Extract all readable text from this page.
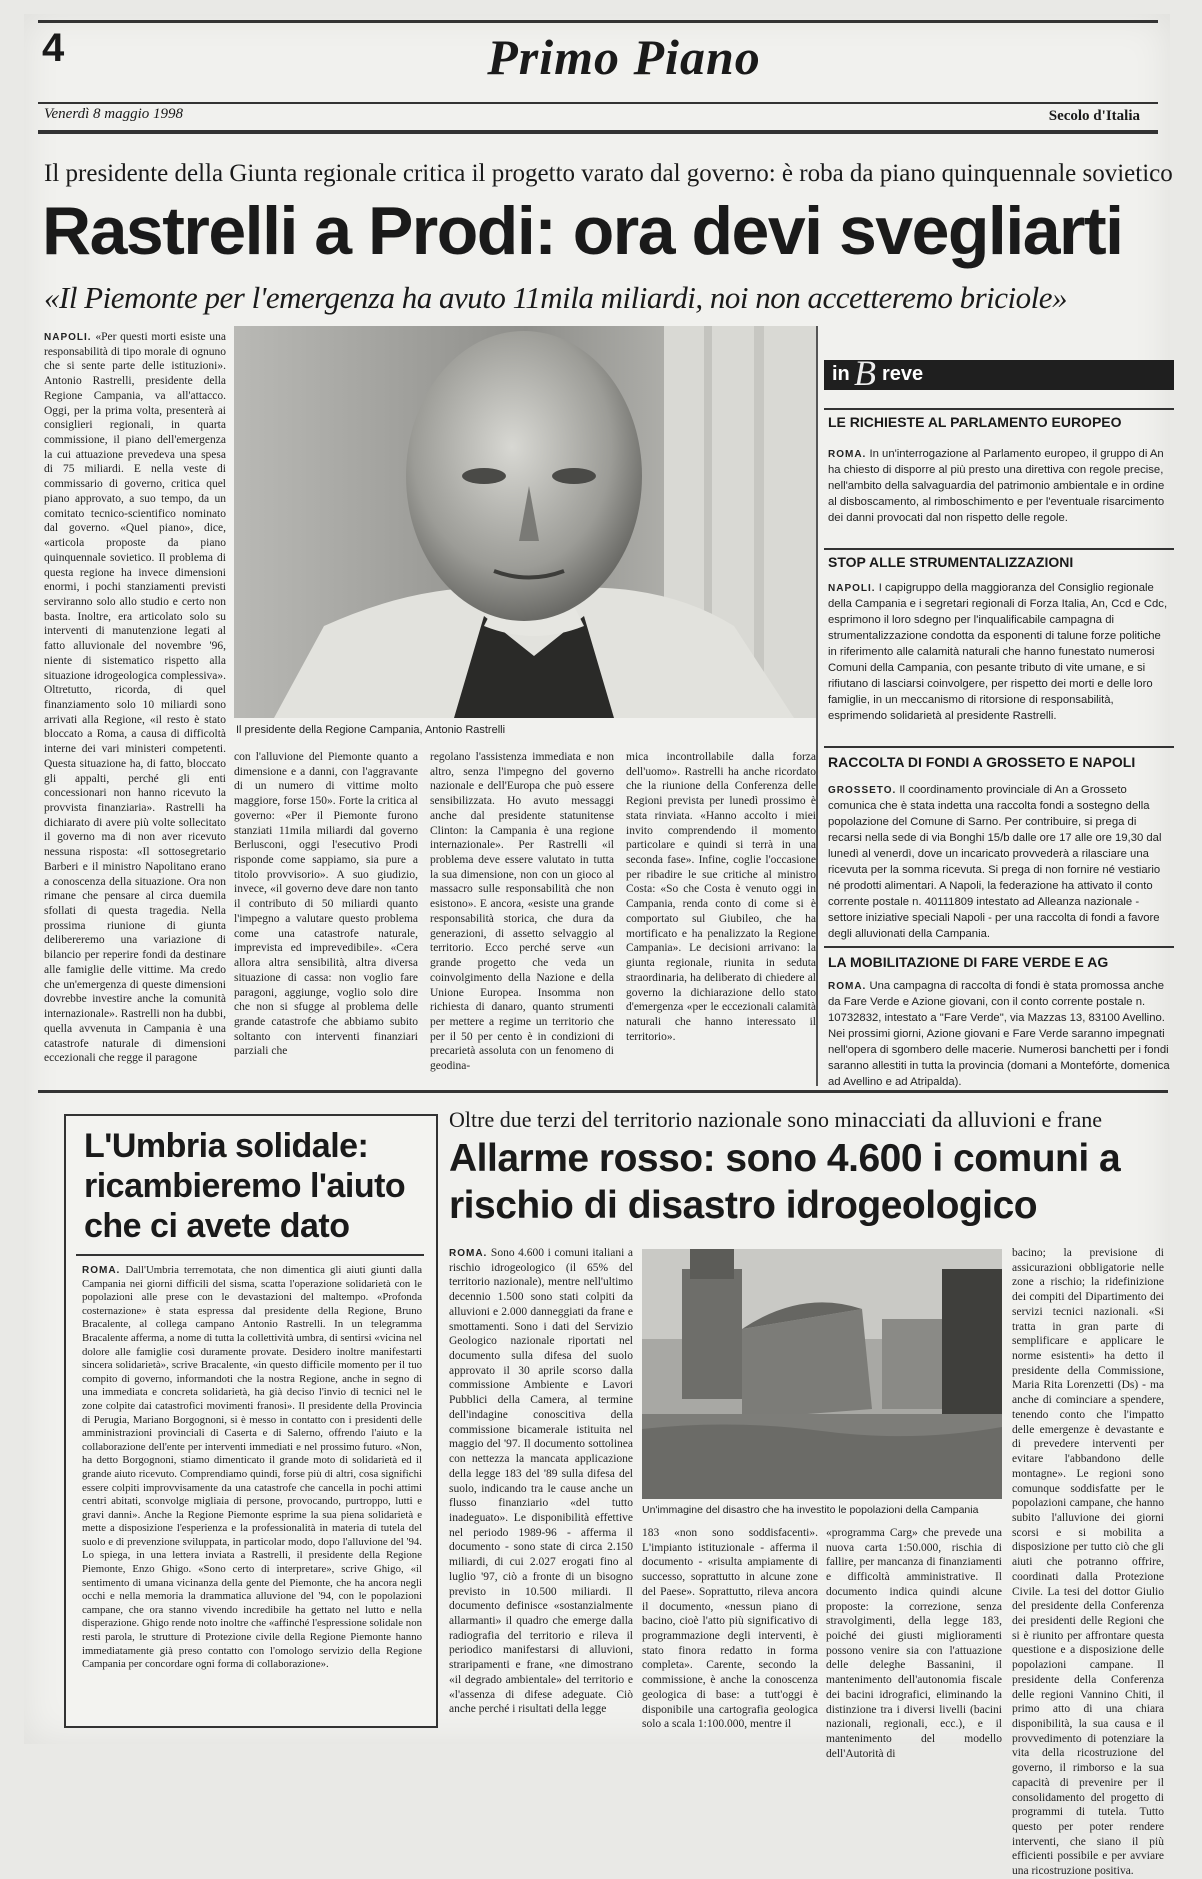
4	Primo Piano
Venerdì 8 maggio 1998	Secolo d'Italia
Il presidente della Giunta regionale critica il progetto varato dal governo: è roba da piano quinquennale sovietico
Rastrelli a Prodi: ora devi svegliarti
«Il Piemonte per l'emergenza ha avuto 11mila miliardi, noi non accetteremo briciole»
NAPOLI. «Per questi morti esiste una responsabilità di tipo morale di ognuno che si sente parte delle istituzioni». Antonio Rastrelli, presidente della Regione Campania, va all'attacco. Oggi, per la prima volta, presenterà ai consiglieri regionali, in quarta commissione, il piano dell'emergenza la cui attuazione prevedeva una spesa di 75 miliardi. E nella veste di commissario di governo, critica quel piano approvato, a suo tempo, da un comitato tecnico-scientifico nominato dal governo. «Quel piano», dice, «articola proposte da piano quinquennale sovietico. Il problema di questa regione ha invece dimensioni enormi, i pochi stanziamenti previsti serviranno solo allo studio e certo non basta. Inoltre, era articolato solo su interventi di manutenzione legati al fatto alluvionale del novembre '96, niente di sistematico rispetto alla situazione idrogeologica complessiva». Oltretutto, ricorda, di quel finanziamento solo 10 miliardi sono arrivati alla Regione, «il resto è stato bloccato a Roma, a causa di difficoltà interne dei vari ministeri competenti. Questa situazione ha, di fatto, bloccato gli appalti, perché gli enti concessionari non hanno ricevuto la provvista finanziaria». Rastrelli ha dichiarato di avere più volte sollecitato il governo ma di non aver ricevuto nessuna risposta: «Il sottosegretario Barberi e il ministro Napolitano erano a conoscenza della situazione. Ora non rimane che pensare al circa duemila sfollati di questa tragedia. Nella prossima riunione di giunta delibereremo una variazione di bilancio per reperire fondi da destinare alle famiglie delle vittime. Ma credo che un'emergenza di queste dimensioni dovrebbe investire anche la comunità internazionale». Rastrelli non ha dubbi, quella avvenuta in Campania è una catastrofe naturale di dimensioni eccezionali che regge il paragone
Il presidente della Regione Campania, Antonio Rastrelli
con l'alluvione del Piemonte quanto a dimensione e a danni, con l'aggravante di un numero di vittime molto maggiore, forse 150». Forte la critica al governo: «Per il Piemonte furono stanziati 11mila miliardi dal governo Berlusconi, oggi l'esecutivo Prodi risponde come sappiamo, sia pure a titolo provvisorio». A suo giudizio, invece, «il governo deve dare non tanto il contributo di 50 miliardi quanto l'impegno a valutare questo problema come una catastrofe naturale, imprevista ed imprevedibile». «Cera allora altra sensibilità, altra diversa situazione di cassa: non voglio fare paragoni, aggiunge, voglio solo dire che non si sfugge al problema delle grande catastrofe che abbiamo subito soltanto con interventi finanziari parziali che
regolano l'assistenza immediata e non altro, senza l'impegno del governo nazionale e dell'Europa che può essere sensibilizzata. Ho avuto messaggi anche dal presidente statunitense Clinton: la Campania è una regione internazionale». Per Rastrelli «il problema deve essere valutato in tutta la sua dimensione, non con un gioco al massacro sulle responsabilità che non esistono». E ancora, «esiste una grande responsabilità storica, che dura da generazioni, di assetto selvaggio al territorio. Ecco perché serve «un grande progetto che veda un coinvolgimento della Nazione e della Unione Europea. Insomma non richiesta di danaro, quanto strumenti per mettere a regime un territorio che per il 50 per cento è in condizioni di precarietà assoluta con un fenomeno di geodina-
mica incontrollabile dalla forza dell'uomo». Rastrelli ha anche ricordato che la riunione della Conferenza delle Regioni prevista per lunedì prossimo è stata rinviata. «Hanno accolto i miei invito comprendendo il momento particolare e quindi si terrà in una seconda fase». Infine, coglie l'occasione per ribadire le sue critiche al ministro Costa: «So che Costa è venuto oggi in Campania, renda conto di come si è comportato sul Giubileo, che ha mortificato e ha penalizzato la Regione Campania». Le decisioni arrivano: la giunta regionale, riunita in seduta straordinaria, ha deliberato di chiedere al governo la dichiarazione dello stato d'emergenza «per le eccezionali calamità naturali che hanno interessato il territorio».
in B reve
LE RICHIESTE AL PARLAMENTO EUROPEO
ROMA. In un'interrogazione al Parlamento europeo, il gruppo di An ha chiesto di disporre al più presto una direttiva con regole precise, nell'ambito della salvaguardia del patrimonio ambientale e in ordine al disboscamento, al rimboschimento e per l'eventuale risarcimento dei danni provocati dal non rispetto delle regole.
STOP ALLE STRUMENTALIZZAZIONI
NAPOLI. I capigruppo della maggioranza del Consiglio regionale della Campania e i segretari regionali di Forza Italia, An, Ccd e Cdc, esprimono il loro sdegno per l'inqualificabile campagna di strumentalizzazione condotta da esponenti di talune forze politiche in riferimento alle calamità naturali che hanno funestato numerosi Comuni della Campania, con pesante tributo di vite umane, e si rifiutano di lasciarsi coinvolgere, per rispetto dei morti e delle loro famiglie, in un meccanismo di ritorsione di responsabilità, esprimendo solidarietà al presidente Rastrelli.
RACCOLTA DI FONDI A GROSSETO E NAPOLI
GROSSETO. Il coordinamento provinciale di An a Grosseto comunica che è stata indetta una raccolta fondi a sostegno della popolazione del Comune di Sarno. Per contribuire, si prega di recarsi nella sede di via Bonghi 15/b dalle ore 17 alle ore 19,30 dal lunedì al venerdì, dove un incaricato provvederà a rilasciare una ricevuta per la somma ricevuta. Si prega di non fornire né vestiario né prodotti alimentari. A Napoli, la federazione ha attivato il conto corrente postale n. 40111809 intestato ad Alleanza nazionale - settore iniziative speciali Napoli - per una raccolta di fondi a favore degli alluvionati della Campania.
LA MOBILITAZIONE DI FARE VERDE E AG
ROMA. Una campagna di raccolta di fondi è stata promossa anche da Fare Verde e Azione giovani, con il conto corrente postale n. 10732832, intestato a "Fare Verde", via Mazzas 13, 83100 Avellino. Nei prossimi giorni, Azione giovani e Fare Verde saranno impegnati nell'opera di sgombero delle macerie. Numerosi banchetti per i fondi saranno allestiti in tutta la provincia (domani a Montefórte, domenica ad Avellino e ad Atripalda).
L'Umbria solidale: ricambieremo l'aiuto che ci avete dato
ROMA. Dall'Umbria terremotata, che non dimentica gli aiuti giunti dalla Campania nei giorni difficili del sisma, scatta l'operazione solidarietà con le popolazioni alle prese con le devastazioni del maltempo. «Profonda costernazione» è stata espressa dal presidente della Regione, Bruno Bracalente, al collega campano Antonio Rastrelli. In un telegramma Bracalente afferma, a nome di tutta la collettività umbra, di sentirsi «vicina nel dolore alle famiglie così duramente provate. Desidero inoltre manifestarti sincera solidarietà», scrive Bracalente, «in questo difficile momento per il tuo compito di governo, informandoti che la nostra Regione, anche in segno di una immediata e concreta solidarietà, ha già deciso l'invio di tecnici nel le zone colpite dai catastrofici movimenti franosi». Il presidente della Provincia di Perugia, Mariano Borgognoni, si è messo in contatto con i presidenti delle amministrazioni provinciali di Caserta e di Salerno, offrendo l'aiuto e la collaborazione dell'ente per interventi immediati e nel prossimo futuro. «Non, ha detto Borgognoni, stiamo dimenticato il grande moto di solidarietà ed il grande aiuto ricevuto. Comprendiamo quindi, forse più di altri, cosa significhi essere colpiti improvvisamente da una catastrofe che cancella in pochi attimi centri abitati, sconvolge migliaia di persone, provocando, purtroppo, lutti e gravi danni». Anche la Regione Piemonte esprime la sua piena solidarietà e mette a disposizione l'esperienza e la professionalità in materia di tutela del suolo e di prevenzione sviluppata, in particolar modo, dopo l'alluvione del '94. Lo spiega, in una lettera inviata a Rastrelli, il presidente della Regione Piemonte, Enzo Ghigo. «Sono certo di interpretare», scrive Ghigo, «il sentimento di umana vicinanza della gente del Piemonte, che ha ancora negli occhi e nella memoria la drammatica alluvione del '94, con le popolazioni campane, che ora stanno vivendo incredibile ha gettato nel lutto e nella disperazione. Ghigo rende noto inoltre che «affinché l'espressione solidale non resti parola, le strutture di Protezione civile della Regione Piemonte hanno immediatamente già preso contatto con l'omologo servizio della Regione Campania per concordare ogni forma di collaborazione».
Oltre due terzi del territorio nazionale sono minacciati da alluvioni e frane
Allarme rosso: sono 4.600 i comuni a rischio di disastro idrogeologico
ROMA. Sono 4.600 i comuni italiani a rischio idrogeologico (il 65% del territorio nazionale), mentre nell'ultimo decennio 1.500 sono stati colpiti da alluvioni e 2.000 danneggiati da frane e smottamenti. Sono i dati del Servizio Geologico nazionale riportati nel documento sulla difesa del suolo approvato il 30 aprile scorso dalla commissione Ambiente e Lavori Pubblici della Camera, al termine dell'indagine conoscitiva della commissione bicamerale istituita nel maggio del '97. Il documento sottolinea con nettezza la mancata applicazione della legge 183 del '89 sulla difesa del suolo, indicando tra le cause anche un flusso finanziario «del tutto inadeguato». Le disponibilità effettive nel periodo 1989-96 - afferma il documento - sono state di circa 2.150 miliardi, di cui 2.027 erogati fino al luglio '97, ciò a fronte di un bisogno previsto in 10.500 miliardi. Il documento definisce «sostanzialmente allarmanti» il quadro che emerge dalla radiografia del territorio e rileva il periodico manifestarsi di alluvioni, straripamenti e frane, «ne dimostrano «il degrado ambientale» del territorio e «l'assenza di difese adeguate. Ciò anche perché i risultati della legge
Un'immagine del disastro che ha investito le popolazioni della Campania
183 «non sono soddisfacenti». L'impianto istituzionale - afferma il documento - «risulta ampiamente di successo, soprattutto in alcune zone del Paese». Soprattutto, rileva ancora il documento, «nessun piano di bacino, cioè l'atto più significativo di programmazione degli interventi, è stato finora redatto in forma completa». Carente, secondo la commissione, è anche la conoscenza geologica di base: a tutt'oggi è disponibile una cartografia geologica solo a scala 1:100.000, mentre il
«programma Carg» che prevede una nuova carta 1:50.000, rischia di fallire, per mancanza di finanziamenti e difficoltà amministrative. Il documento indica quindi alcune proposte: la correzione, senza stravolgimenti, della legge 183, poiché dei giusti miglioramenti possono venire sia con l'attuazione delle deleghe Bassanini, il mantenimento dell'autonomia fiscale dei bacini idrografici, eliminando la distinzione tra i diversi livelli (bacini nazionali, regionali, ecc.), e il mantenimento del modello dell'Autorità di
bacino; la previsione di assicurazioni obbligatorie nelle zone a rischio; la ridefinizione dei compiti del Dipartimento dei servizi tecnici nazionali. «Si tratta in gran parte di semplificare e applicare le norme esistenti» ha detto il presidente della Commissione, Maria Rita Lorenzetti (Ds) - ma anche di cominciare a spendere, tenendo conto che l'impatto delle emergenze è devastante e di prevedere interventi per evitare l'abbandono delle montagne». Le regioni sono comunque soddisfatte per le popolazioni campane, che hanno subito l'alluvione dei giorni scorsi e si mobilita a disposizione per tutto ciò che gli aiuti che potranno offrire, coordinati dalla Protezione Civile. La tesi del dottor Giulio del presidente della Conferenza dei presidenti delle Regioni che si è riunito per affrontare questa questione e a disposizione delle popolazioni campane. Il presidente della Conferenza delle regioni Vannino Chiti, il primo atto di una chiara disponibilità, la sua causa e il provvedimento di potenziare la vita della ricostruzione del governo, il rimborso e la sua capacità di prevenire per il consolidamento del progetto di programmi di tutela. Tutto questo per poter rendere interventi, che siano il più efficienti possibile e per avviare una ricostruzione positiva.
